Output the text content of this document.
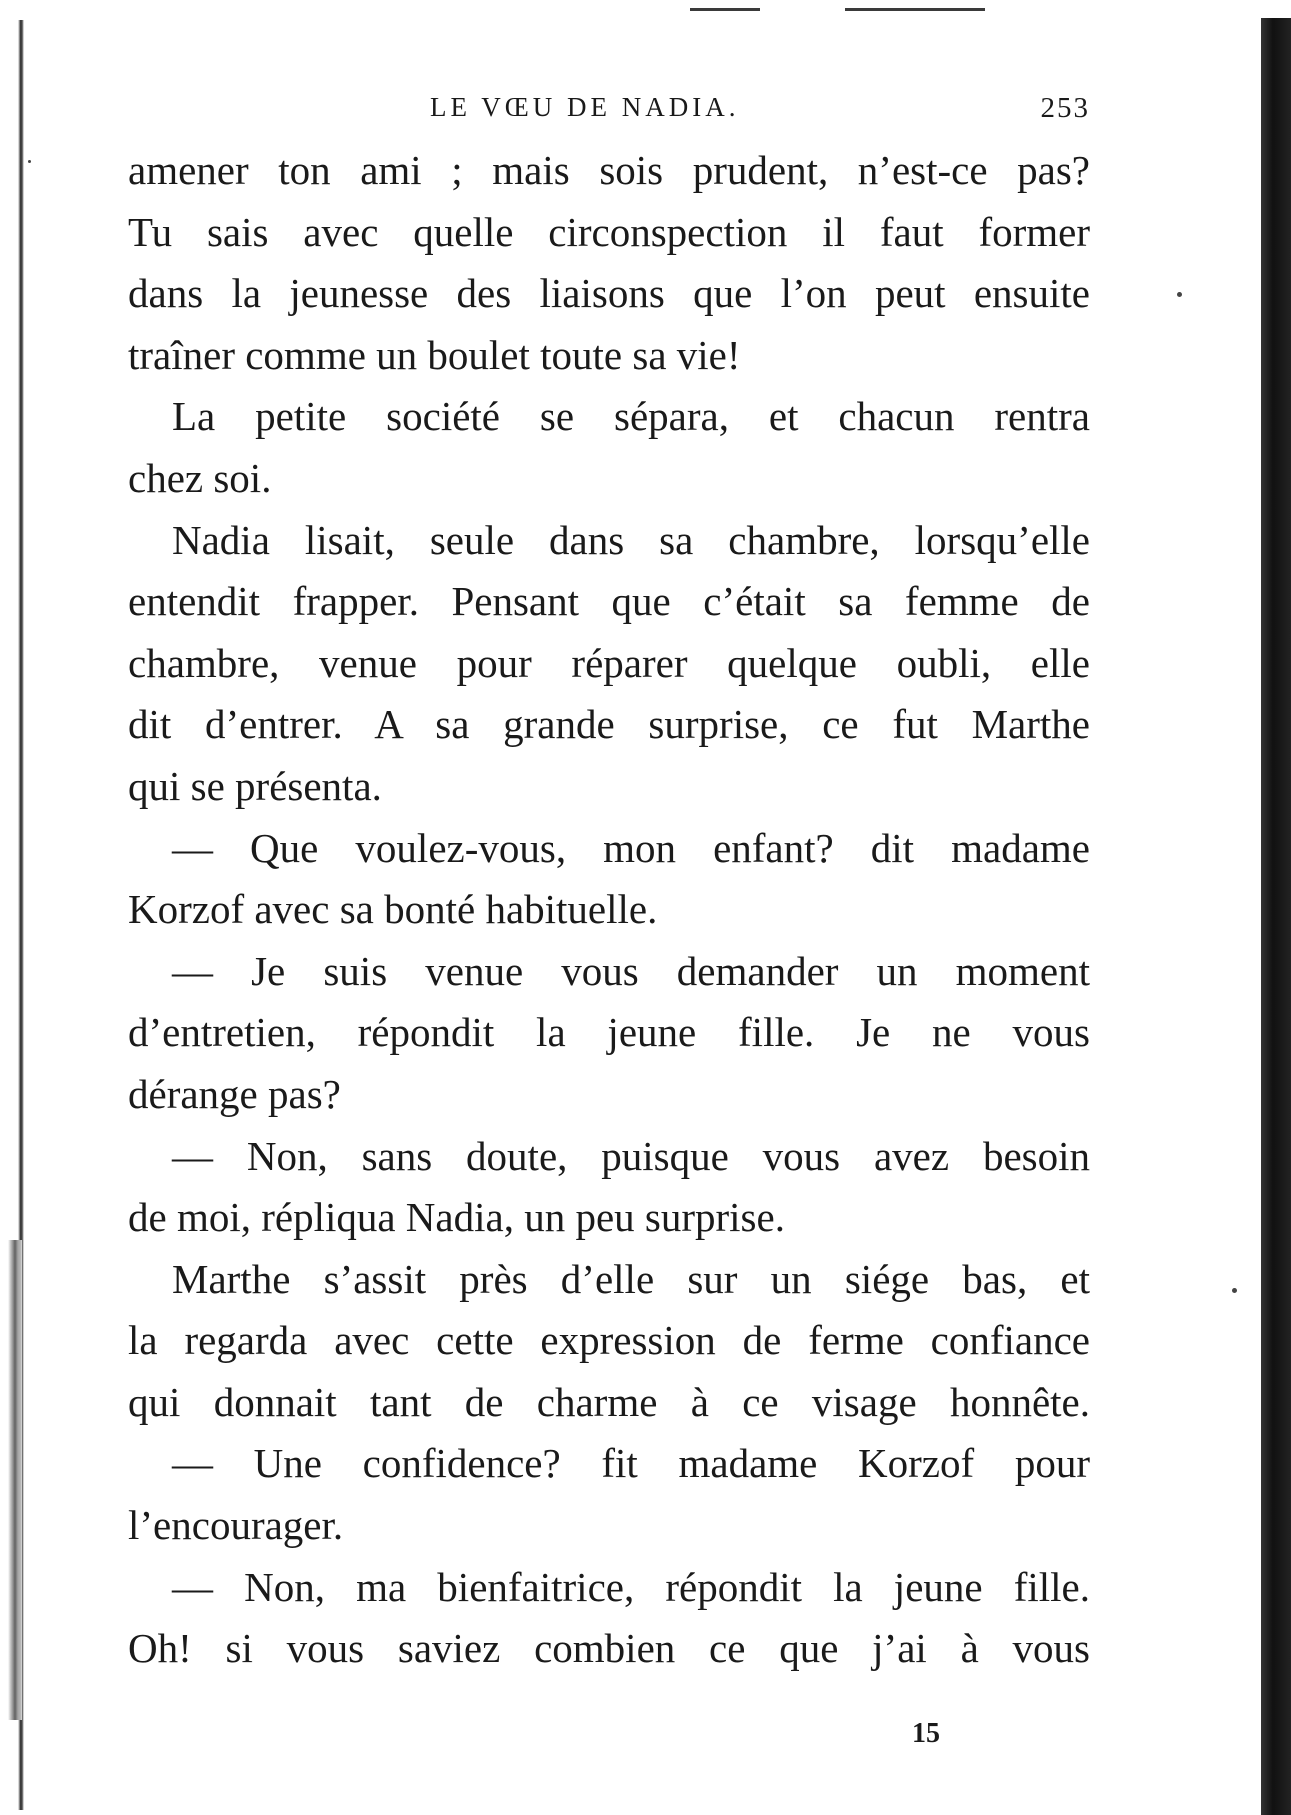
LE VŒU DE NADIA.	253
amener ton ami ; mais sois prudent, n’est-ce pas?
Tu sais avec quelle circonspection il faut former
dans la jeunesse des liaisons que l’on peut ensuite
traîner comme un boulet toute sa vie!
La petite société se sépara, et chacun rentra
chez soi.
Nadia lisait, seule dans sa chambre, lorsqu’elle
entendit frapper. Pensant que c’était sa femme de
chambre, venue pour réparer quelque oubli, elle
dit d’entrer. A sa grande surprise, ce fut Marthe
qui se présenta.
— Que voulez-vous, mon enfant? dit madame
Korzof avec sa bonté habituelle.
— Je suis venue vous demander un moment
d’entretien, répondit la jeune fille. Je ne vous
dérange pas?
— Non, sans doute, puisque vous avez besoin
de moi, répliqua Nadia, un peu surprise.
Marthe s’assit près d’elle sur un siége bas, et
la regarda avec cette expression de ferme confiance
qui donnait tant de charme à ce visage honnête.
— Une confidence? fit madame Korzof pour
l’encourager.
— Non, ma bienfaitrice, répondit la jeune fille.
Oh! si vous saviez combien ce que j’ai à vous
15
